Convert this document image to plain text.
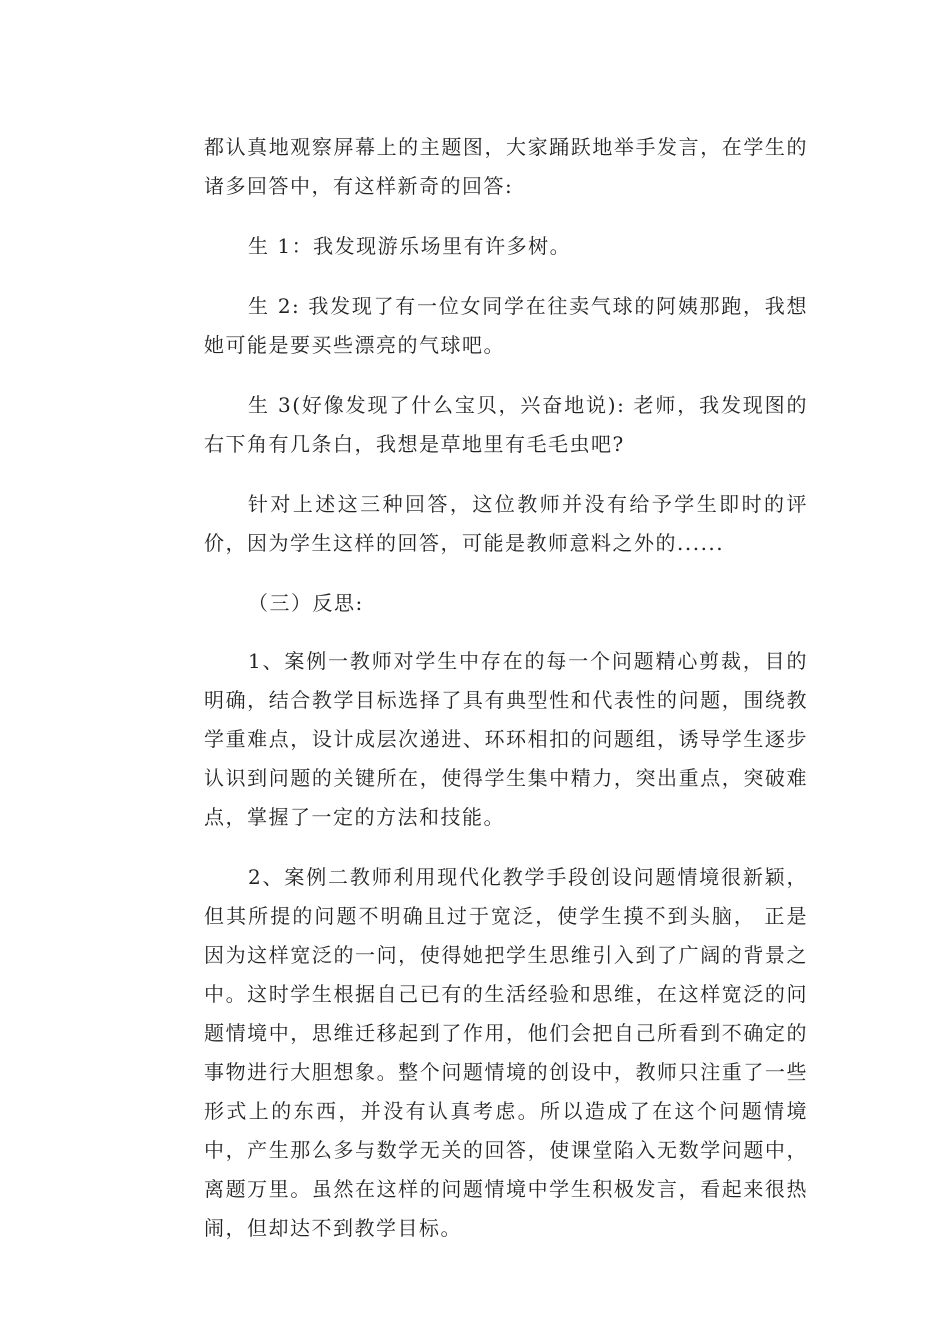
都认真地观察屏幕上的主题图，大家踊跃地举手发言，在学生的诸多回答中，有这样新奇的回答:

生 1：我发现游乐场里有许多树。

生 2: 我发现了有一位女同学在往卖气球的阿姨那跑，我想她可能是要买些漂亮的气球吧。

生 3(好像发现了什么宝贝，兴奋地说): 老师，我发现图的右下角有几条白，我想是草地里有毛毛虫吧?

针对上述这三种回答，这位教师并没有给予学生即时的评价，因为学生这样的回答，可能是教师意料之外的......

（三）反思:

1、案例一教师对学生中存在的每一个问题精心剪裁，目的明确，结合教学目标选择了具有典型性和代表性的问题，围绕教学重难点，设计成层次递进、环环相扣的问题组，诱导学生逐步认识到问题的关键所在，使得学生集中精力，突出重点，突破难点，掌握了一定的方法和技能。

2、案例二教师利用现代化教学手段创设问题情境很新颖，但其所提的问题不明确且过于宽泛，使学生摸不到头脑， 正是因为这样宽泛的一问，使得她把学生思维引入到了广阔的背景之中。这时学生根据自己已有的生活经验和思维，在这样宽泛的问题情境中，思维迁移起到了作用，他们会把自己所看到不确定的事物进行大胆想象。整个问题情境的创设中，教师只注重了一些形式上的东西，并没有认真考虑。所以造成了在这个问题情境中，产生那么多与数学无关的回答，使课堂陷入无数学问题中，离题万里。虽然在这样的问题情境中学生积极发言，看起来很热闹，但却达不到教学目标。
